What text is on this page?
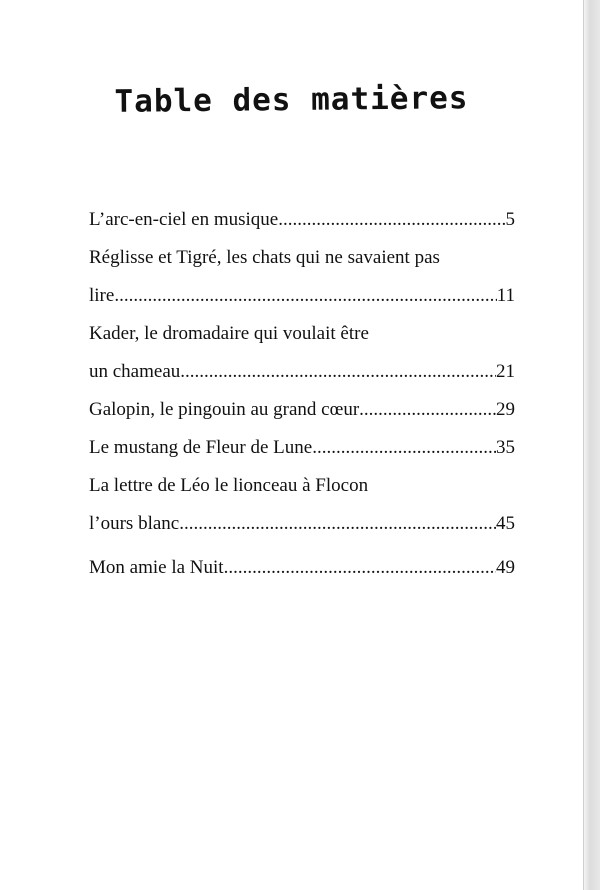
Table des matières
L’arc-en-ciel en musique .....	5
Réglisse et Tigré, les chats qui ne savaient pas
lire .....	11
Kader, le dromadaire qui voulait être
un chameau .....	21
Galopin, le pingouin au grand cœur .....	29
Le mustang de Fleur de Lune .....	35
La lettre de Léo le lionceau à Flocon
l’ours blanc .....	45
Mon amie la Nuit .....	49
